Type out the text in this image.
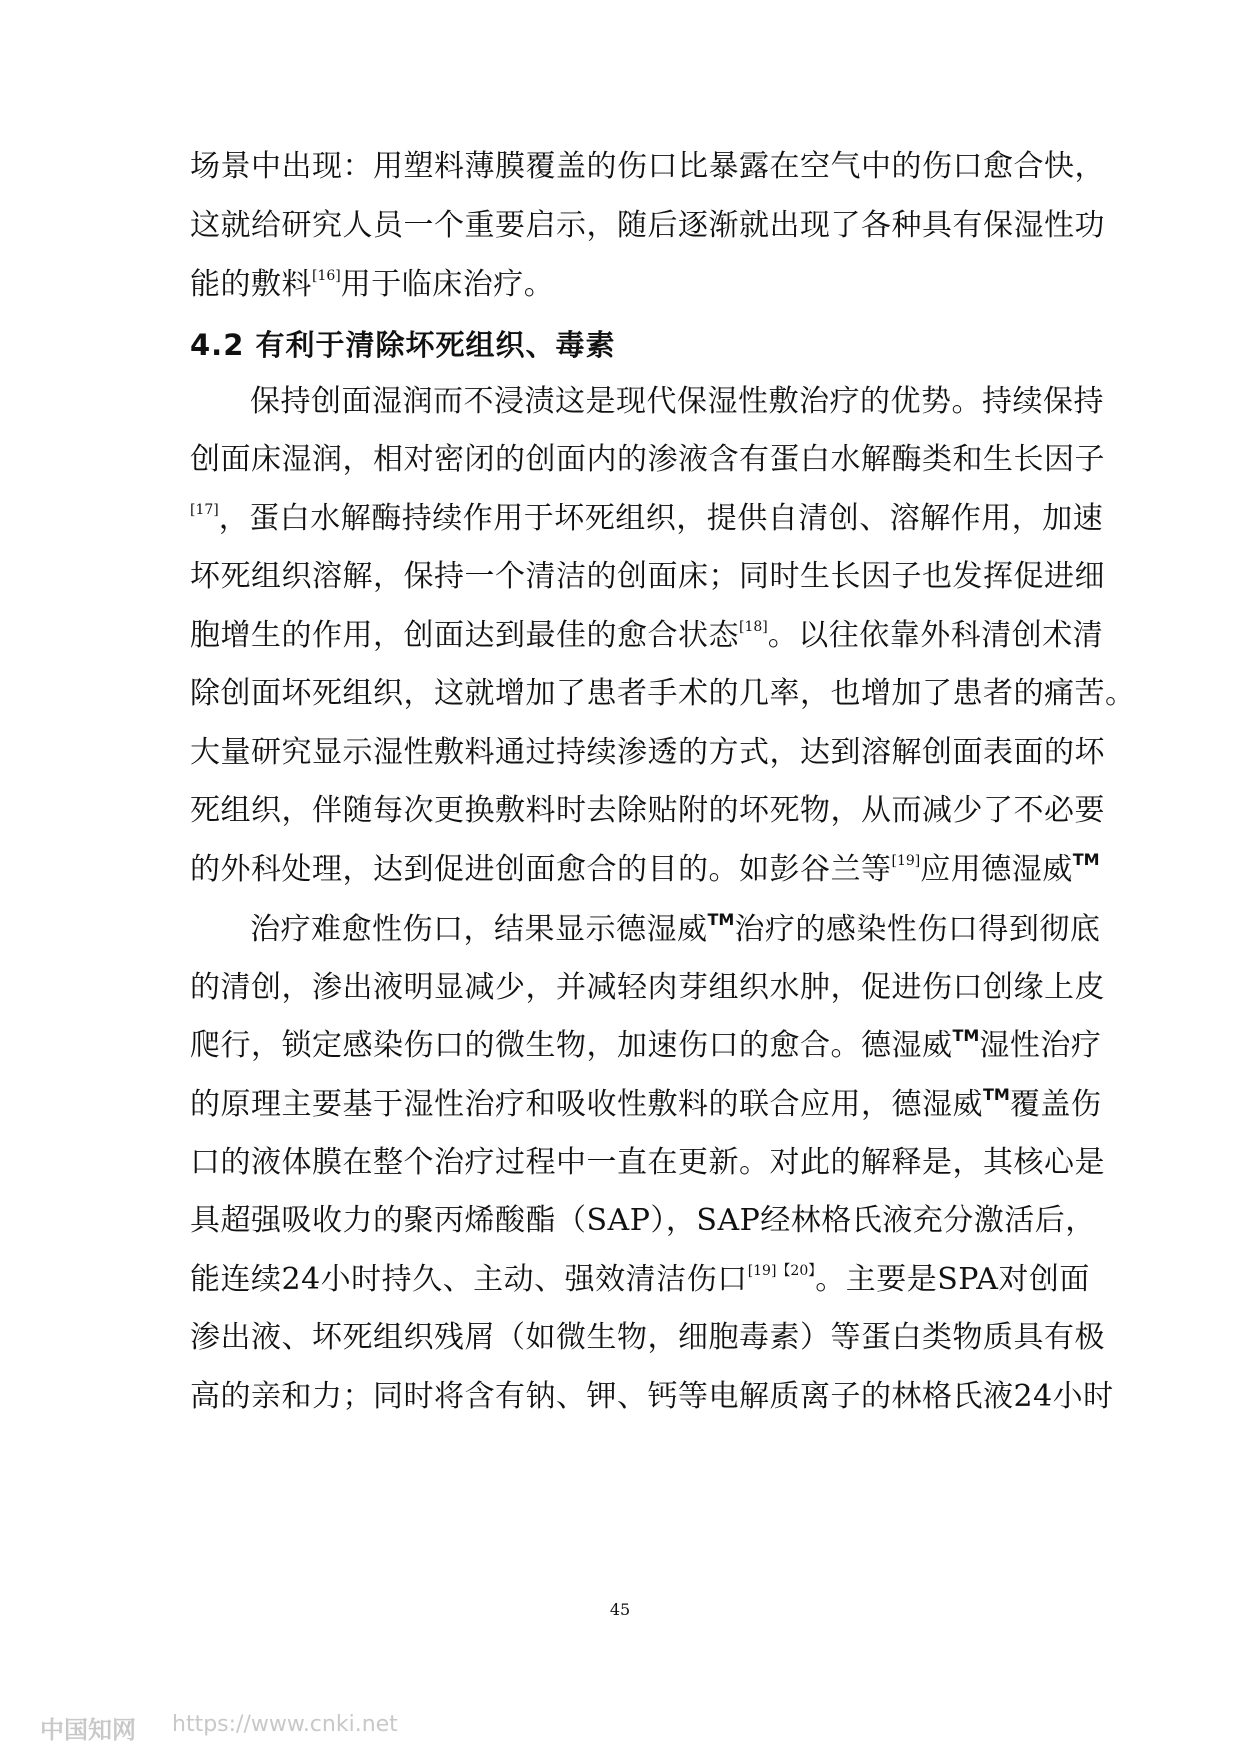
场景中出现：用塑料薄膜覆盖的伤口比暴露在空气中的伤口愈合快，
这就给研究人员一个重要启示，随后逐渐就出现了各种具有保湿性功
能的敷料[16]用于临床治疗。
4.2 有利于清除坏死组织、毒素
保持创面湿润而不浸渍这是现代保湿性敷治疗的优势。持续保持
创面床湿润，相对密闭的创面内的渗液含有蛋白水解酶类和生长因子
[17]，蛋白水解酶持续作用于坏死组织，提供自清创、溶解作用，加速
坏死组织溶解，保持一个清洁的创面床；同时生长因子也发挥促进细
胞增生的作用，创面达到最佳的愈合状态[18]。以往依靠外科清创术清
除创面坏死组织，这就增加了患者手术的几率，也增加了患者的痛苦。
大量研究显示湿性敷料通过持续渗透的方式，达到溶解创面表面的坏
死组织，伴随每次更换敷料时去除贴附的坏死物，从而减少了不必要
的外科处理，达到促进创面愈合的目的。如彭谷兰等[19]应用德湿威™
治疗难愈性伤口，结果显示德湿威™治疗的感染性伤口得到彻底
的清创，渗出液明显减少，并减轻肉芽组织水肿，促进伤口创缘上皮
爬行，锁定感染伤口的微生物，加速伤口的愈合。德湿威™湿性治疗
的原理主要基于湿性治疗和吸收性敷料的联合应用，德湿威™覆盖伤
口的液体膜在整个治疗过程中一直在更新。对此的解释是，其核心是
具超强吸收力的聚丙烯酸酯（SAP），SAP经林格氏液充分激活后，
能连续24小时持久、主动、强效清洁伤口$^{[19]【20】}$。主要是SPA对创面
渗出液、坏死组织残屑（如微生物，细胞毒素）等蛋白类物质具有极
高的亲和力；同时将含有钠、钾、钙等电解质离子的林格氏液24小时
45
中国知网 https://www.cnki.net
